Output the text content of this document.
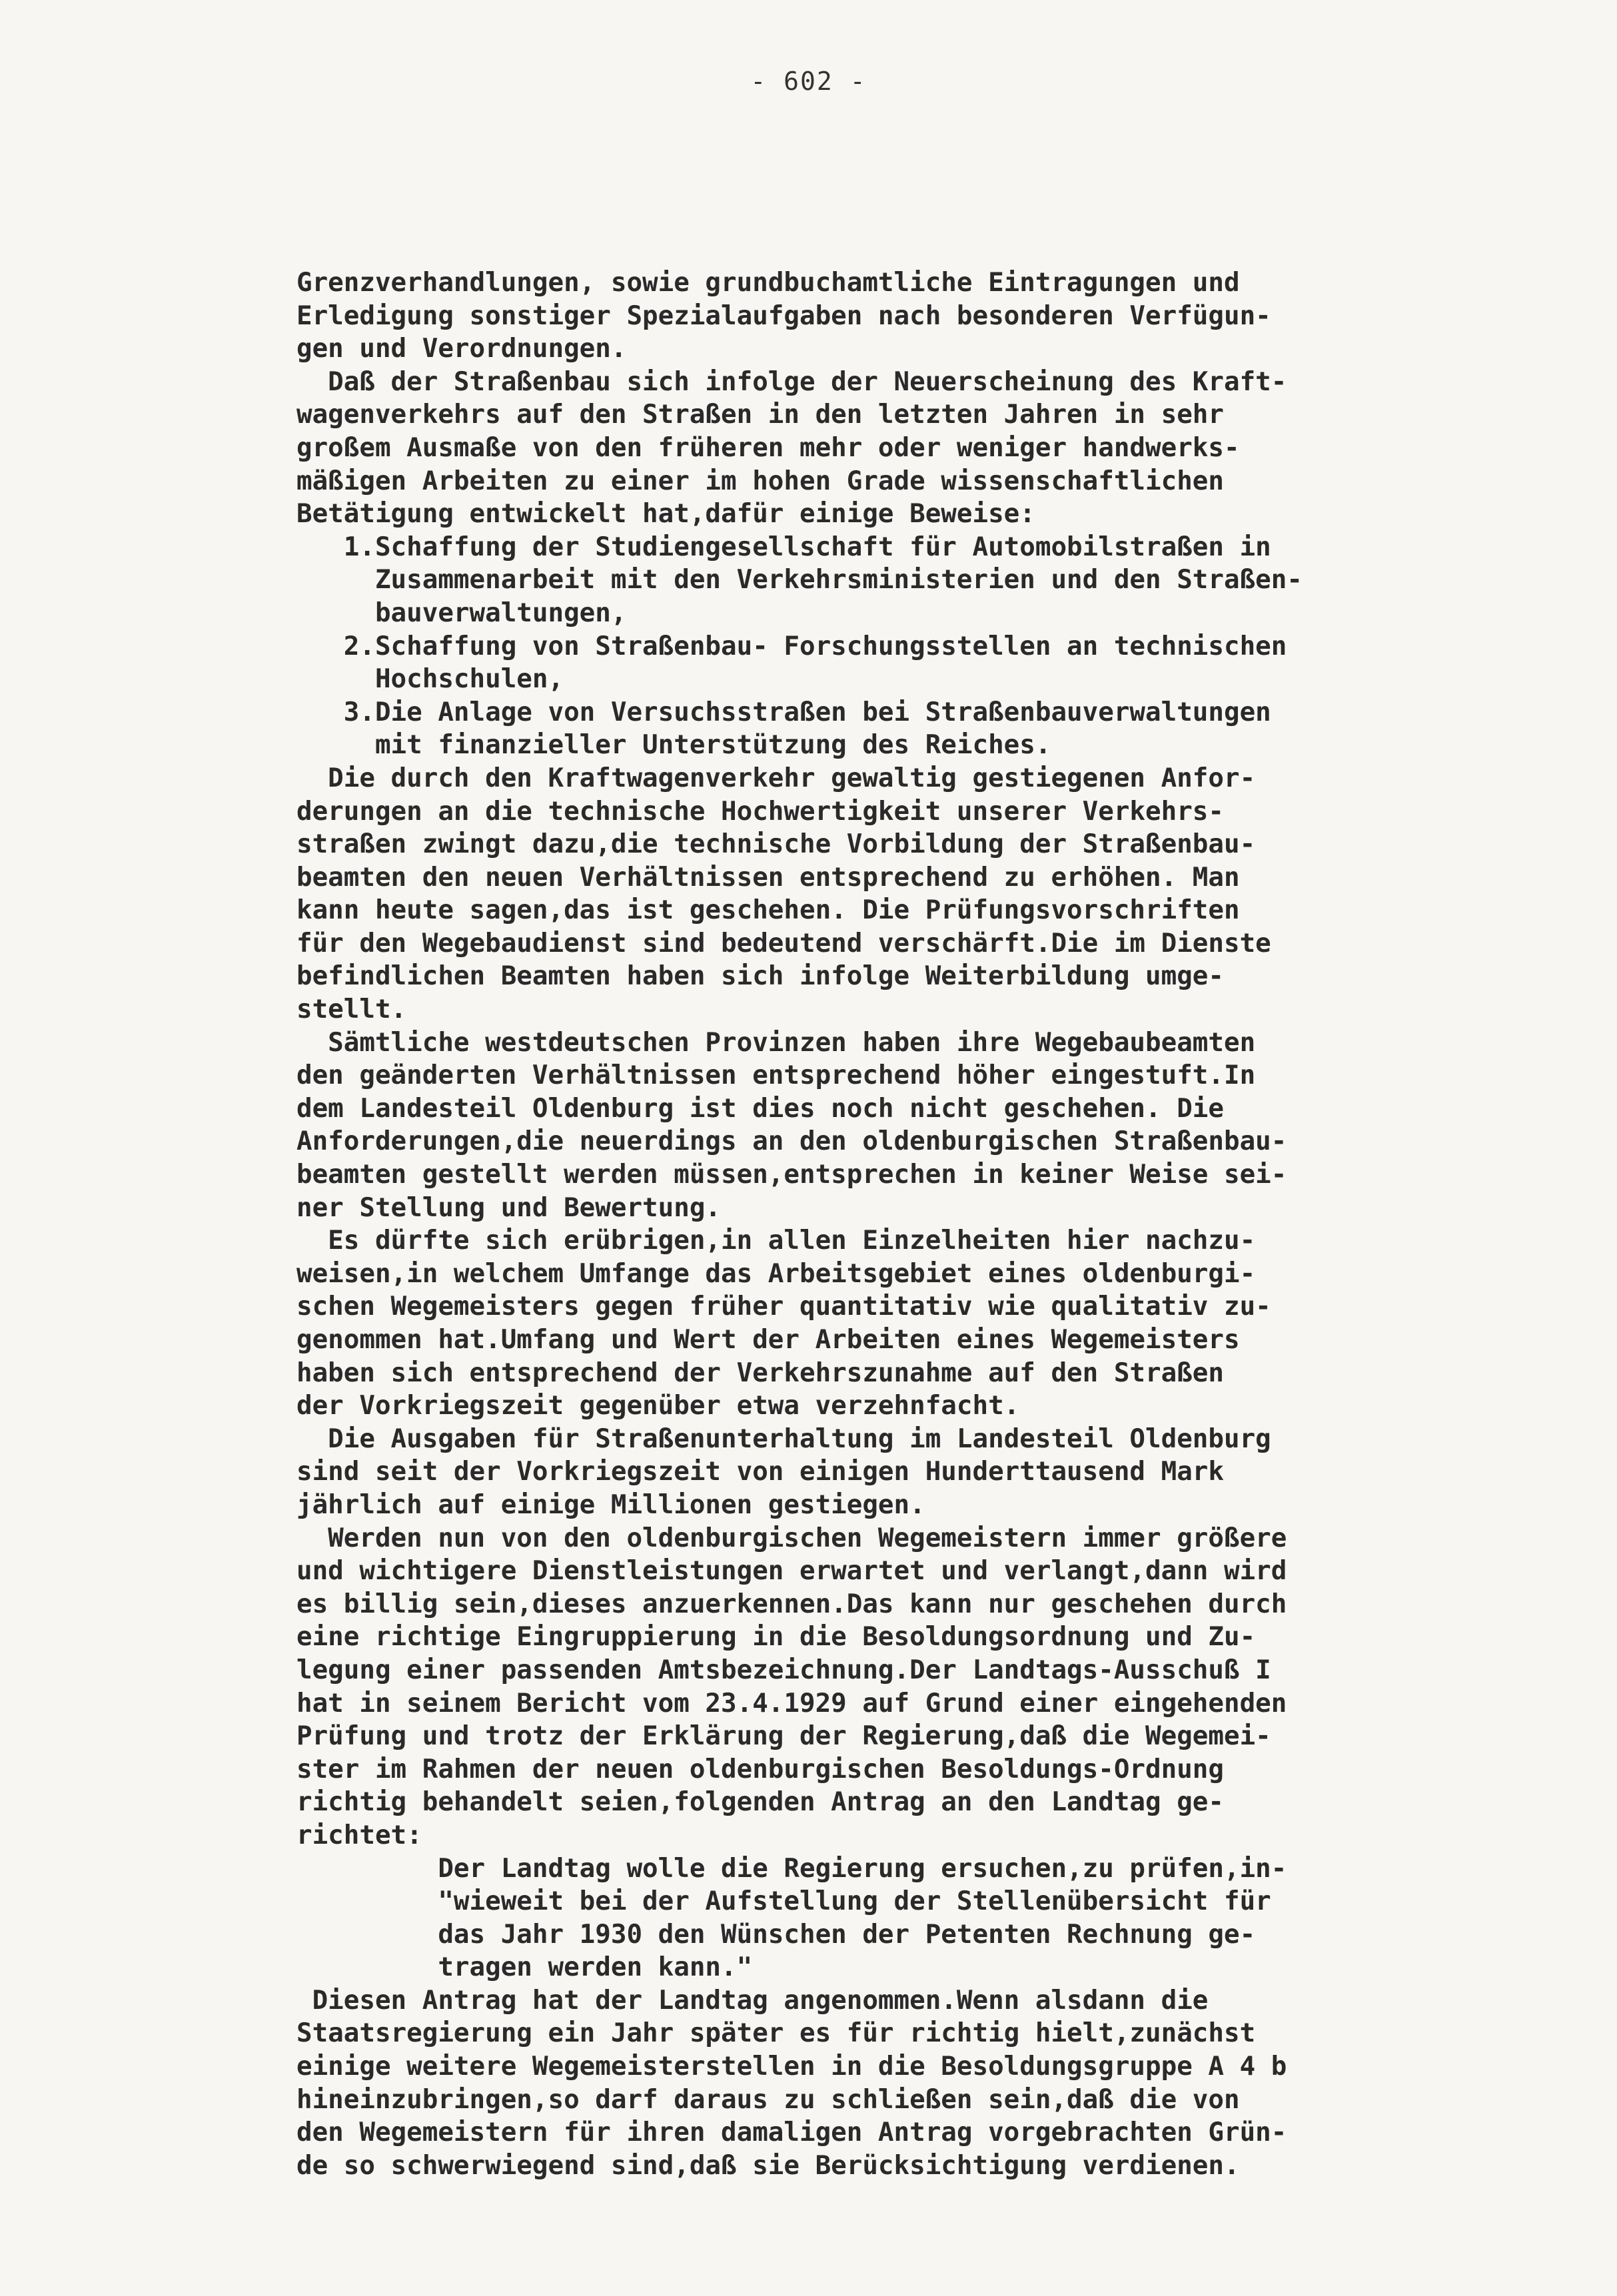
- 602 -
Grenzverhandlungen, sowie grundbuchamtliche Eintragungen und
Erledigung sonstiger Spezialaufgaben nach besonderen Verfügun-
gen und Verordnungen.
Daß der Straßenbau sich infolge der Neuerscheinung des Kraft-
wagenverkehrs auf den Straßen in den letzten Jahren in sehr
großem Ausmaße von den früheren mehr oder weniger handwerks-
mäßigen Arbeiten zu einer im hohen Grade wissenschaftlichen
Betätigung entwickelt hat,dafür einige Beweise:
1.Schaffung der Studiengesellschaft für Automobilstraßen in
Zusammenarbeit mit den Verkehrsministerien und den Straßen-
bauverwaltungen,
2.Schaffung von Straßenbau- Forschungsstellen an technischen
Hochschulen,
3.Die Anlage von Versuchsstraßen bei Straßenbauverwaltungen
mit finanzieller Unterstützung des Reiches.
Die durch den Kraftwagenverkehr gewaltig gestiegenen Anfor-
derungen an die technische Hochwertigkeit unserer Verkehrs-
straßen zwingt dazu,die technische Vorbildung der Straßenbau-
beamten den neuen Verhältnissen entsprechend zu erhöhen. Man
kann heute sagen,das ist geschehen. Die Prüfungsvorschriften
für den Wegebaudienst sind bedeutend verschärft.Die im Dienste
befindlichen Beamten haben sich infolge Weiterbildung umge-
stellt.
Sämtliche westdeutschen Provinzen haben ihre Wegebaubeamten
den geänderten Verhältnissen entsprechend höher eingestuft.In
dem Landesteil Oldenburg ist dies noch nicht geschehen. Die
Anforderungen,die neuerdings an den oldenburgischen Straßenbau-
beamten gestellt werden müssen,entsprechen in keiner Weise sei-
ner Stellung und Bewertung.
Es dürfte sich erübrigen,in allen Einzelheiten hier nachzu-
weisen,in welchem Umfange das Arbeitsgebiet eines oldenburgi-
schen Wegemeisters gegen früher quantitativ wie qualitativ zu-
genommen hat.Umfang und Wert der Arbeiten eines Wegemeisters
haben sich entsprechend der Verkehrszunahme auf den Straßen
der Vorkriegszeit gegenüber etwa verzehnfacht.
Die Ausgaben für Straßenunterhaltung im Landesteil Oldenburg
sind seit der Vorkriegszeit von einigen Hunderttausend Mark
jährlich auf einige Millionen gestiegen.
Werden nun von den oldenburgischen Wegemeistern immer größere
und wichtigere Dienstleistungen erwartet und verlangt,dann wird
es billig sein,dieses anzuerkennen.Das kann nur geschehen durch
eine richtige Eingruppierung in die Besoldungsordnung und Zu-
legung einer passenden Amtsbezeichnung.Der Landtags-Ausschuß I
hat in seinem Bericht vom 23.4.1929 auf Grund einer eingehenden
Prüfung und trotz der Erklärung der Regierung,daß die Wegemei-
ster im Rahmen der neuen oldenburgischen Besoldungs-Ordnung
richtig behandelt seien,folgenden Antrag an den Landtag ge-
richtet:
Der Landtag wolle die Regierung ersuchen,zu prüfen,in-
"wieweit bei der Aufstellung der Stellenübersicht für
das Jahr 1930 den Wünschen der Petenten Rechnung ge-
tragen werden kann."
Diesen Antrag hat der Landtag angenommen.Wenn alsdann die
Staatsregierung ein Jahr später es für richtig hielt,zunächst
einige weitere Wegemeisterstellen in die Besoldungsgruppe A 4 b
hineinzubringen,so darf daraus zu schließen sein,daß die von
den Wegemeistern für ihren damaligen Antrag vorgebrachten Grün-
de so schwerwiegend sind,daß sie Berücksichtigung verdienen.
